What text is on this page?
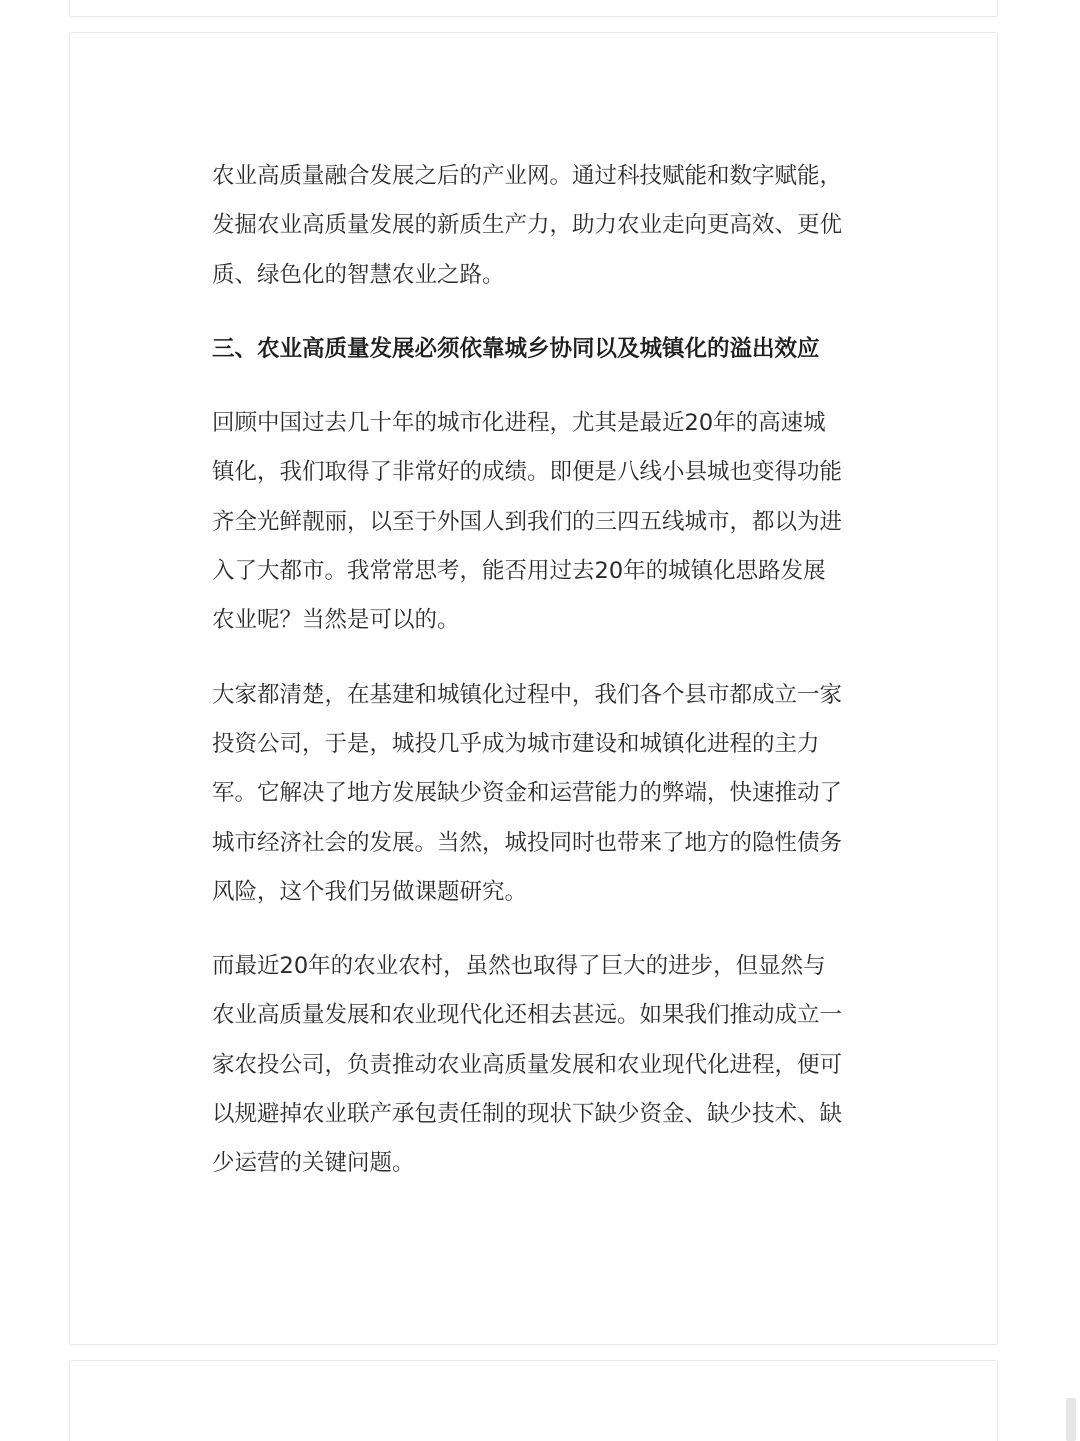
农业高质量融合发展之后的产业网。通过科技赋能和数字赋能，发掘农业高质量发展的新质生产力，助力农业走向更高效、更优质、绿色化的智慧农业之路。

三、农业高质量发展必须依靠城乡协同以及城镇化的溢出效应

回顾中国过去几十年的城市化进程，尤其是最近20年的高速城镇化，我们取得了非常好的成绩。即便是八线小县城也变得功能齐全光鲜靓丽，以至于外国人到我们的三四五线城市，都以为进入了大都市。我常常思考，能否用过去20年的城镇化思路发展农业呢？当然是可以的。

大家都清楚，在基建和城镇化过程中，我们各个县市都成立一家投资公司，于是，城投几乎成为城市建设和城镇化进程的主力军。它解决了地方发展缺少资金和运营能力的弊端，快速推动了城市经济社会的发展。当然，城投同时也带来了地方的隐性债务风险，这个我们另做课题研究。

而最近20年的农业农村，虽然也取得了巨大的进步，但显然与农业高质量发展和农业现代化还相去甚远。如果我们推动成立一家农投公司，负责推动农业高质量发展和农业现代化进程，便可以规避掉农业联产承包责任制的现状下缺少资金、缺少技术、缺少运营的关键问题。
